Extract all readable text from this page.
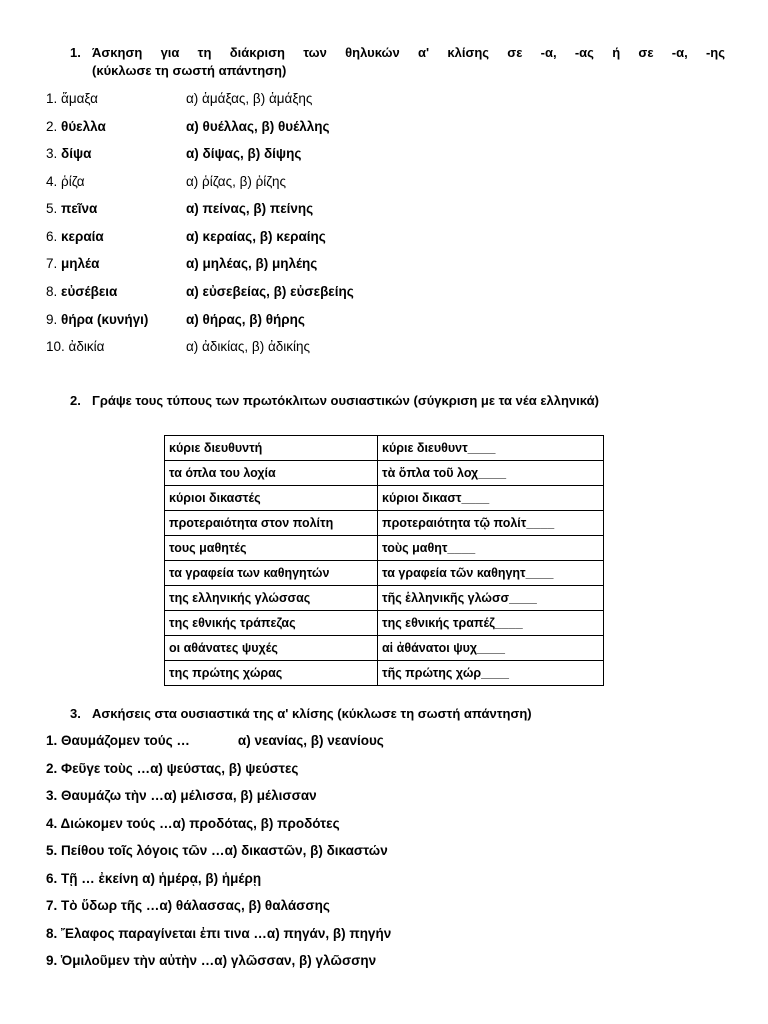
1. Άσκηση για τη διάκριση των θηλυκών α' κλίσης σε -α, -ας ή σε -α, -ης
(κύκλωσε τη σωστή απάντηση)
1. ἅμαξα	α) ἁμάξας, β) ἁμάξης
2. θύελλα	α) θυέλλας, β) θυέλλης
3. δίψα	α) δίψας, β) δίψης
4. ῥίζα	α) ῥίζας, β) ῥίζης
5. πεῖνα	α) πείνας, β) πείνης
6. κεραία	α) κεραίας, β) κεραίης
7. μηλέα	α) μηλέας, β) μηλέης
8. εὐσέβεια	α) εὐσεβείας, β) εὐσεβείης
9. θήρα (κυνήγι)	α) θήρας, β) θήρης
10. ἀδικία	α) ἀδικίας, β) ἀδικίης
2. Γράψε τους τύπους των πρωτόκλιτων ουσιαστικών (σύγκριση με τα νέα ελληνικά)
κύριε διευθυντή	κύριε διευθυντ____
τα όπλα του λοχία	τὰ ὅπλα τοῦ λοχ____
κύριοι δικαστές	κύριοι δικαστ____
προτεραιότητα στον πολίτη	προτεραιότητα τῷ πολίτ____
τους μαθητές	τοὺς μαθητ____
τα γραφεία των καθηγητών	τα γραφεία τῶν καθηγητ____
της ελληνικής γλώσσας	τῆς ἑλληνικῆς γλώσσ____
της εθνικής τράπεζας	της εθνικής τραπέζ____
οι αθάνατες ψυχές	αἱ ἀθάνατοι ψυχ____
της πρώτης χώρας	τῆς πρώτης χώρ____
3. Ασκήσεις στα ουσιαστικά της α' κλίσης (κύκλωσε τη σωστή απάντηση)
1. Θαυμάζομεν τούς …	α) νεανίας, β) νεανίους
2. Φεῦγε τοὺς …α) ψεύστας, β) ψεύστες
3. Θαυμάζω τὴν …α) μέλισσα, β) μέλισσαν
4. Διώκομεν τούς …α) προδότας, β) προδότες
5. Πείθου τοῖς λόγοις τῶν …α) δικαστῶν, β) δικαστών
6. Τῇ … ἐκείνη α) ἡμέρᾳ, β) ἡμέρῃ
7. Τὸ ὕδωρ τῆς …α) θάλασσας, β) θαλάσσης
8. Ἔλαφος παραγίνεται ἐπι τινα …α) πηγάν, β) πηγήν
9. Ὁμιλοῦμεν τὴν αὐτὴν …α) γλῶσσαν, β) γλῶσσην
